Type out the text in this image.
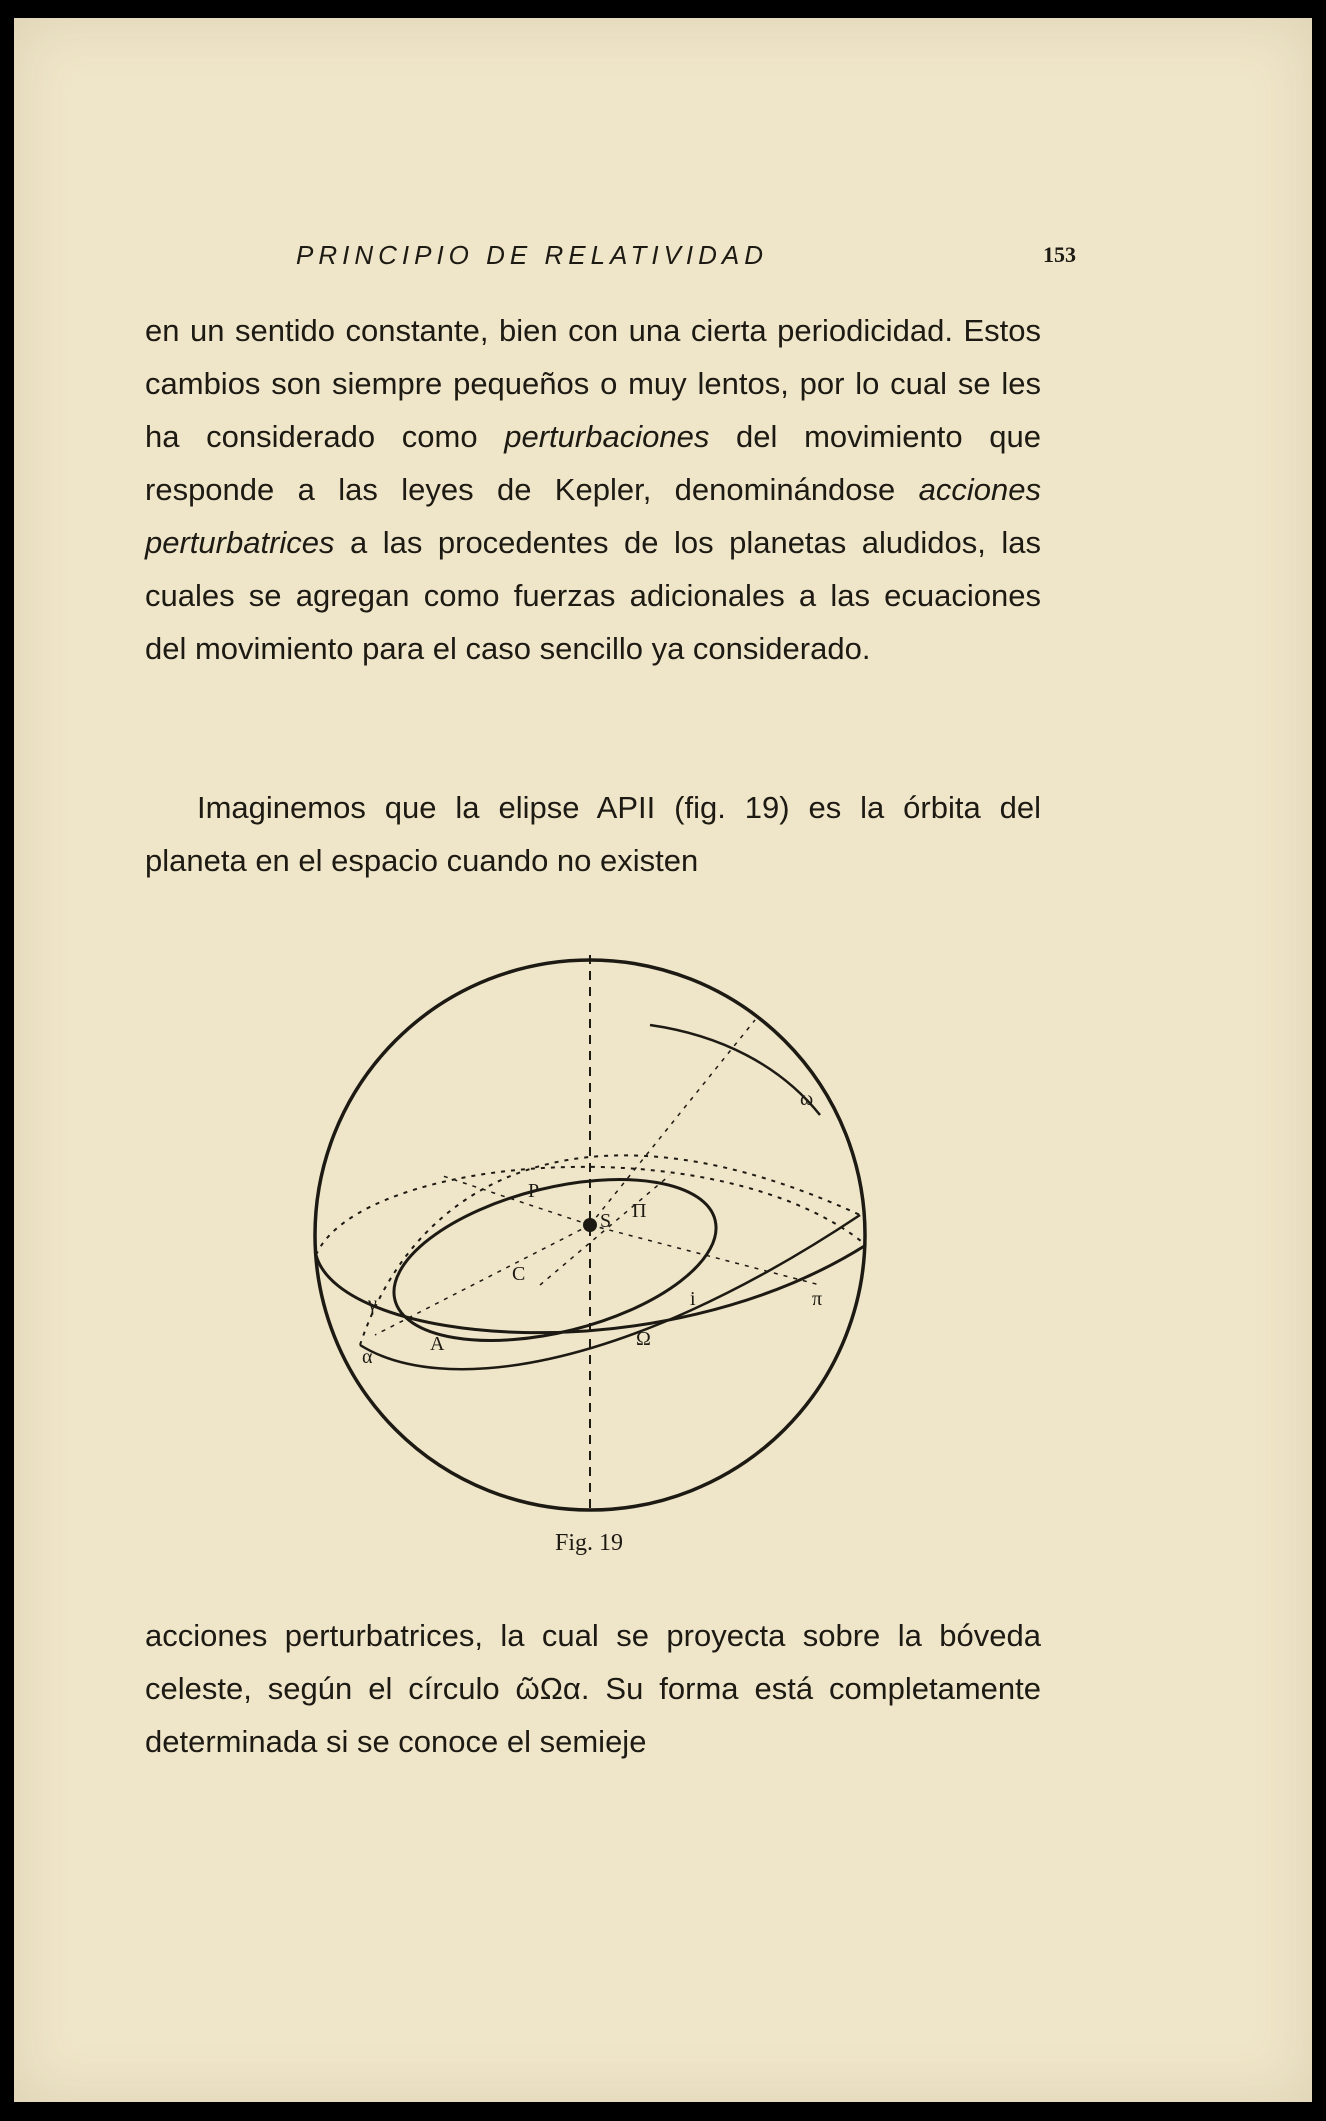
PRINCIPIO DE RELATIVIDAD	153
en un sentido constante, bien con una cierta periodicidad. Estos cambios son siempre pequeños o muy lentos, por lo cual se les ha considerado como perturbaciones del movimiento que responde a las leyes de Kepler, denominándose acciones perturbatrices a las procedentes de los planetas aludidos, las cuales se agregan como fuerzas adicionales a las ecuaciones del movimiento para el caso sencillo ya considerado.
Imaginemos que la elipse APII (fig. 19) es la órbita del planeta en el espacio cuando no existen
ω
P
S Π
C
i	π
γ
Ω
α
A
Fig. 19
acciones perturbatrices, la cual se proyecta sobre la bóveda celeste, según el círculo ῶΩα. Su forma está completamente determinada si se conoce el semieje
